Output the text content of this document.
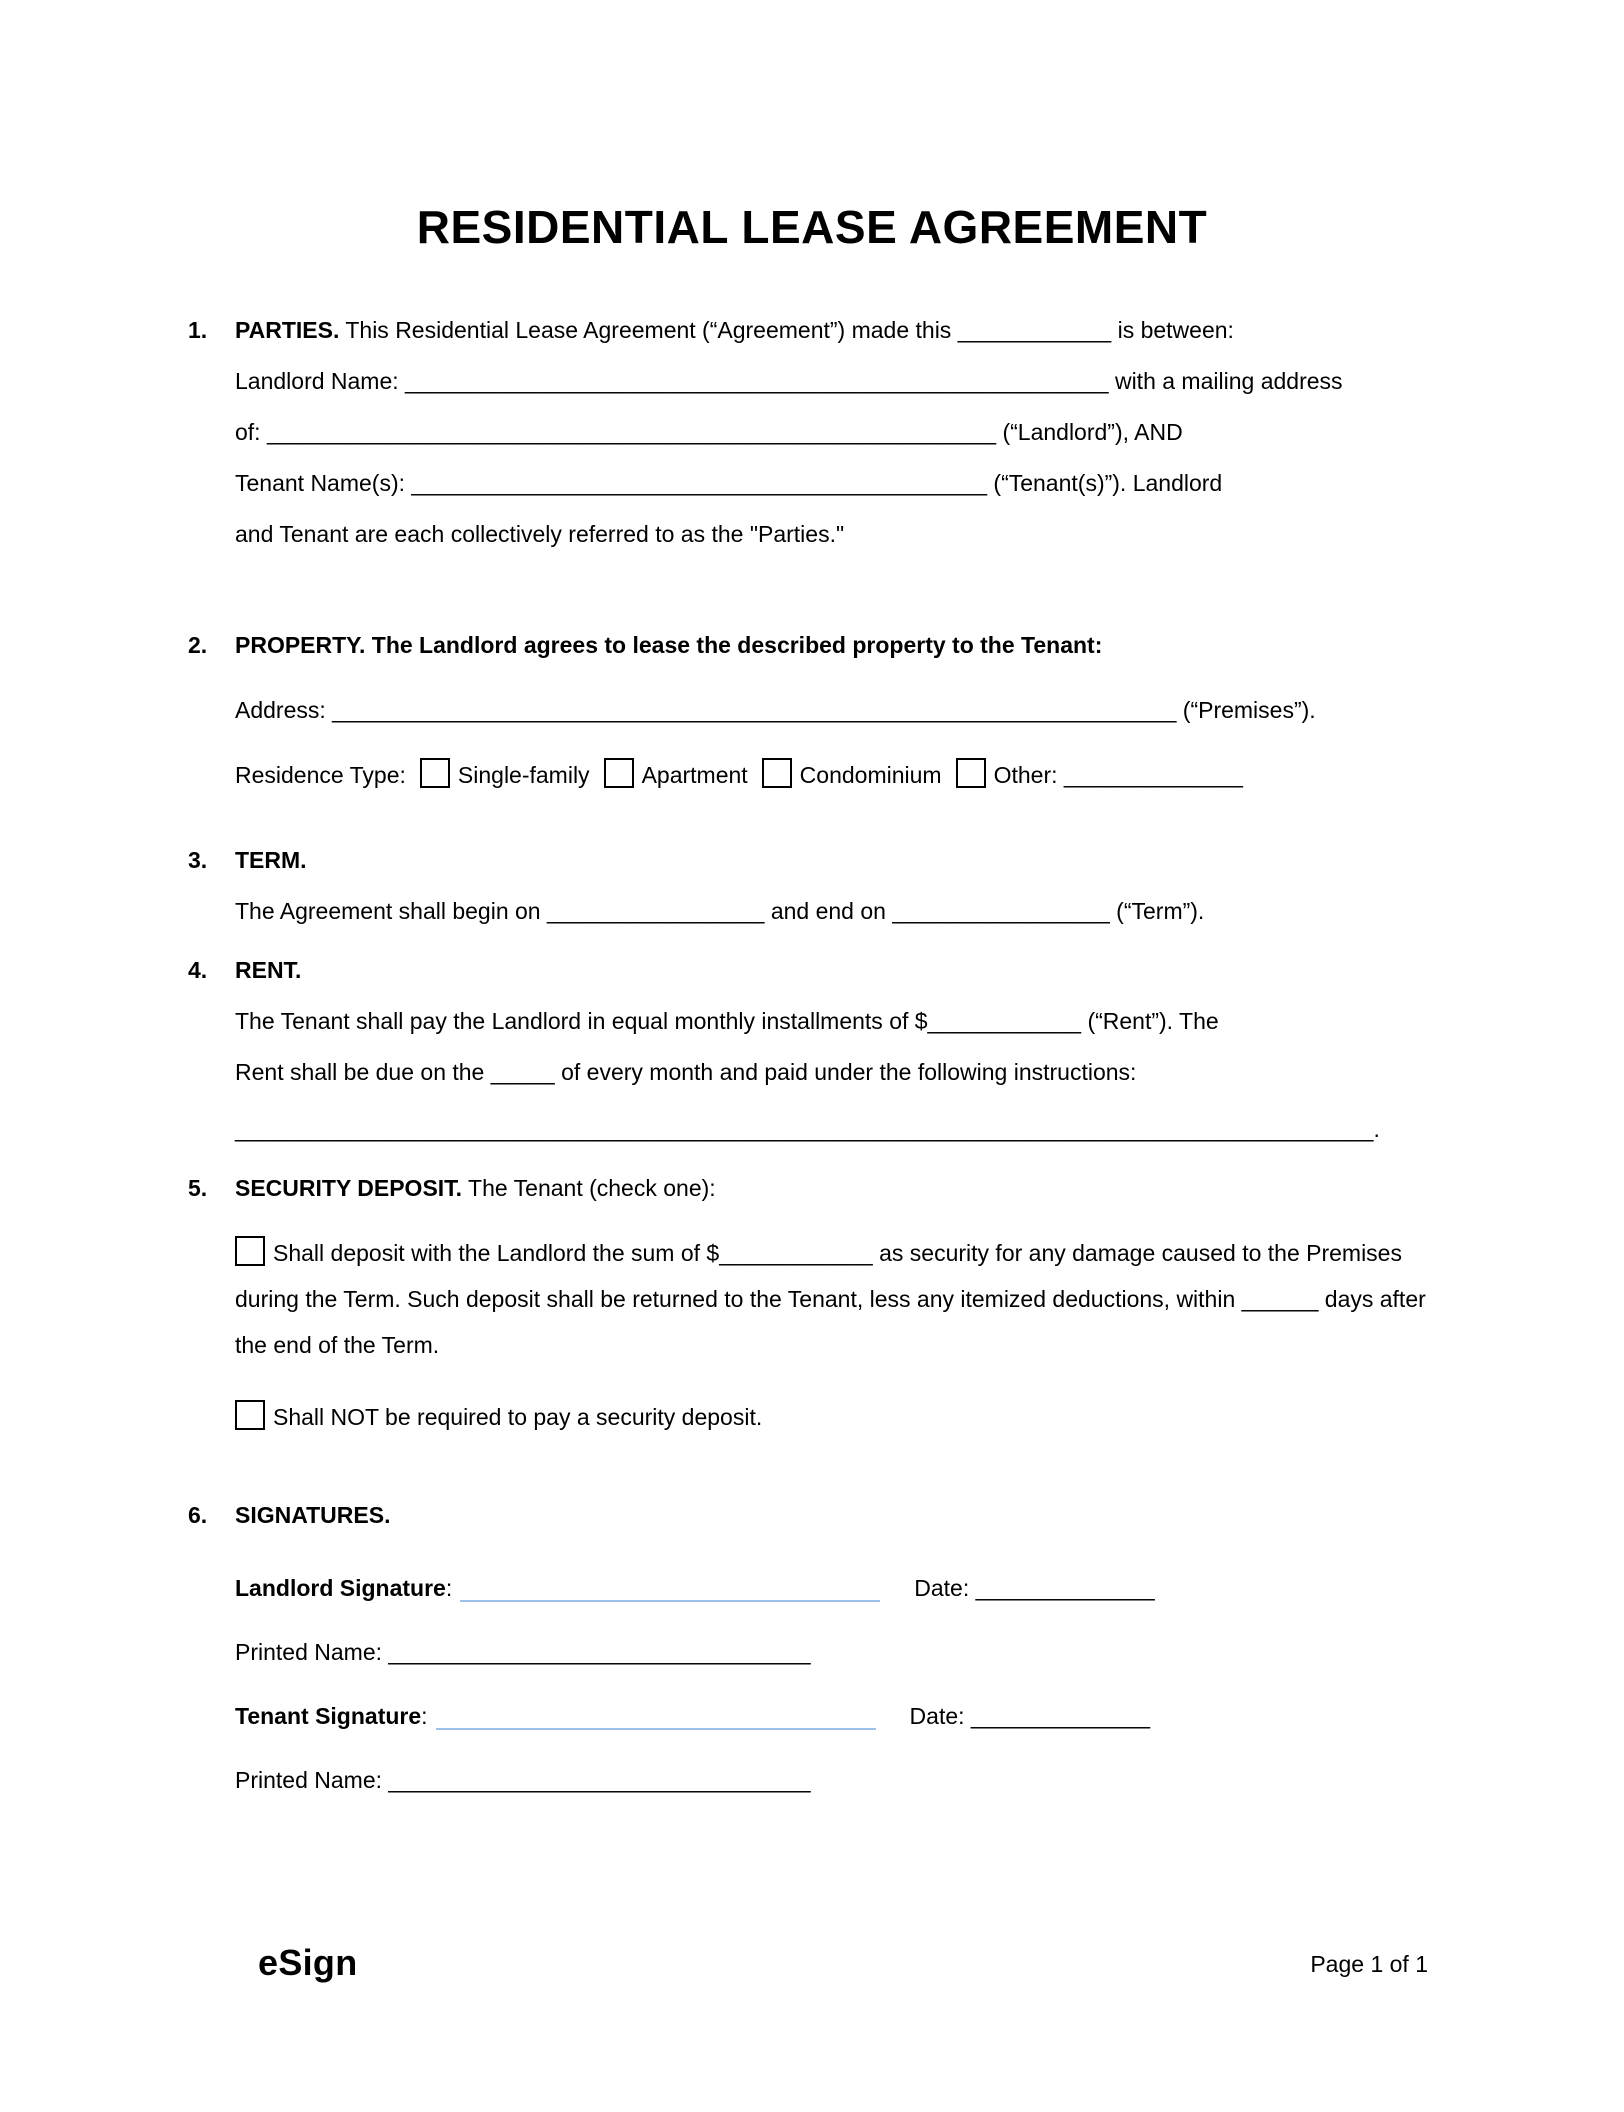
RESIDENTIAL LEASE AGREEMENT
1.	PARTIES. This Residential Lease Agreement (“Agreement”) made this ____________ is between:
Landlord Name: _______________________________________________________ with a mailing address
of: _________________________________________________________ (“Landlord”), AND
Tenant Name(s): _____________________________________________ (“Tenant(s)”). Landlord
and Tenant are each collectively referred to as the "Parties."
2.	PROPERTY. The Landlord agrees to lease the described property to the Tenant:
Address: __________________________________________________________________ (“Premises”).
Residence Type: Single-family Apartment Condominium Other: ______________
3.	TERM.
The Agreement shall begin on _________________ and end on _________________ (“Term”).
4.	RENT.
The Tenant shall pay the Landlord in equal monthly installments of $____________ (“Rent”). The
Rent shall be due on the _____ of every month and paid under the following instructions:
_________________________________________________________________________________________.
5.	SECURITY DEPOSIT. The Tenant (check one):
Shall deposit with the Landlord the sum of $____________ as security for any damage caused to the Premises during the Term. Such deposit shall be returned to the Tenant, less any itemized deductions, within ______ days after the end of the Term.
Shall NOT be required to pay a security deposit.
6.	SIGNATURES.
Landlord Signature:	Date: ______________
Printed Name: _________________________________
Tenant Signature:	Date: ______________
Printed Name: _________________________________
eSign	Page 1 of 1
